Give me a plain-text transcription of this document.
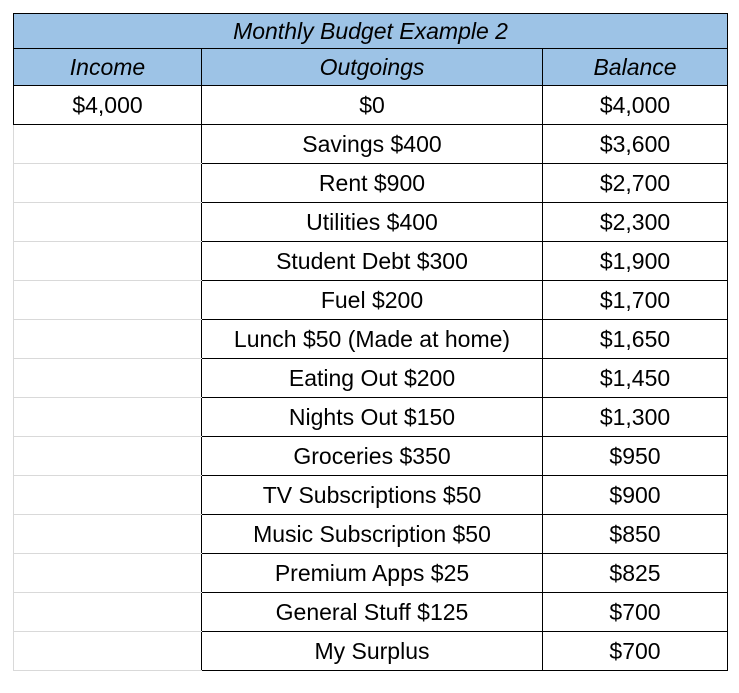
Monthly Budget Example 2		
Income	Outgoings	Balance
$4,000	$0	$4,000
	Savings $400	$3,600
	Rent $900	$2,700
	Utilities $400	$2,300
	Student Debt $300	$1,900
	Fuel $200	$1,700
	Lunch $50 (Made at home)	$1,650
	Eating Out $200	$1,450
	Nights Out $150	$1,300
	Groceries $350	$950
	TV Subscriptions $50	$900
	Music Subscription $50	$850
	Premium Apps $25	$825
	General Stuff $125	$700
	My Surplus	$700
